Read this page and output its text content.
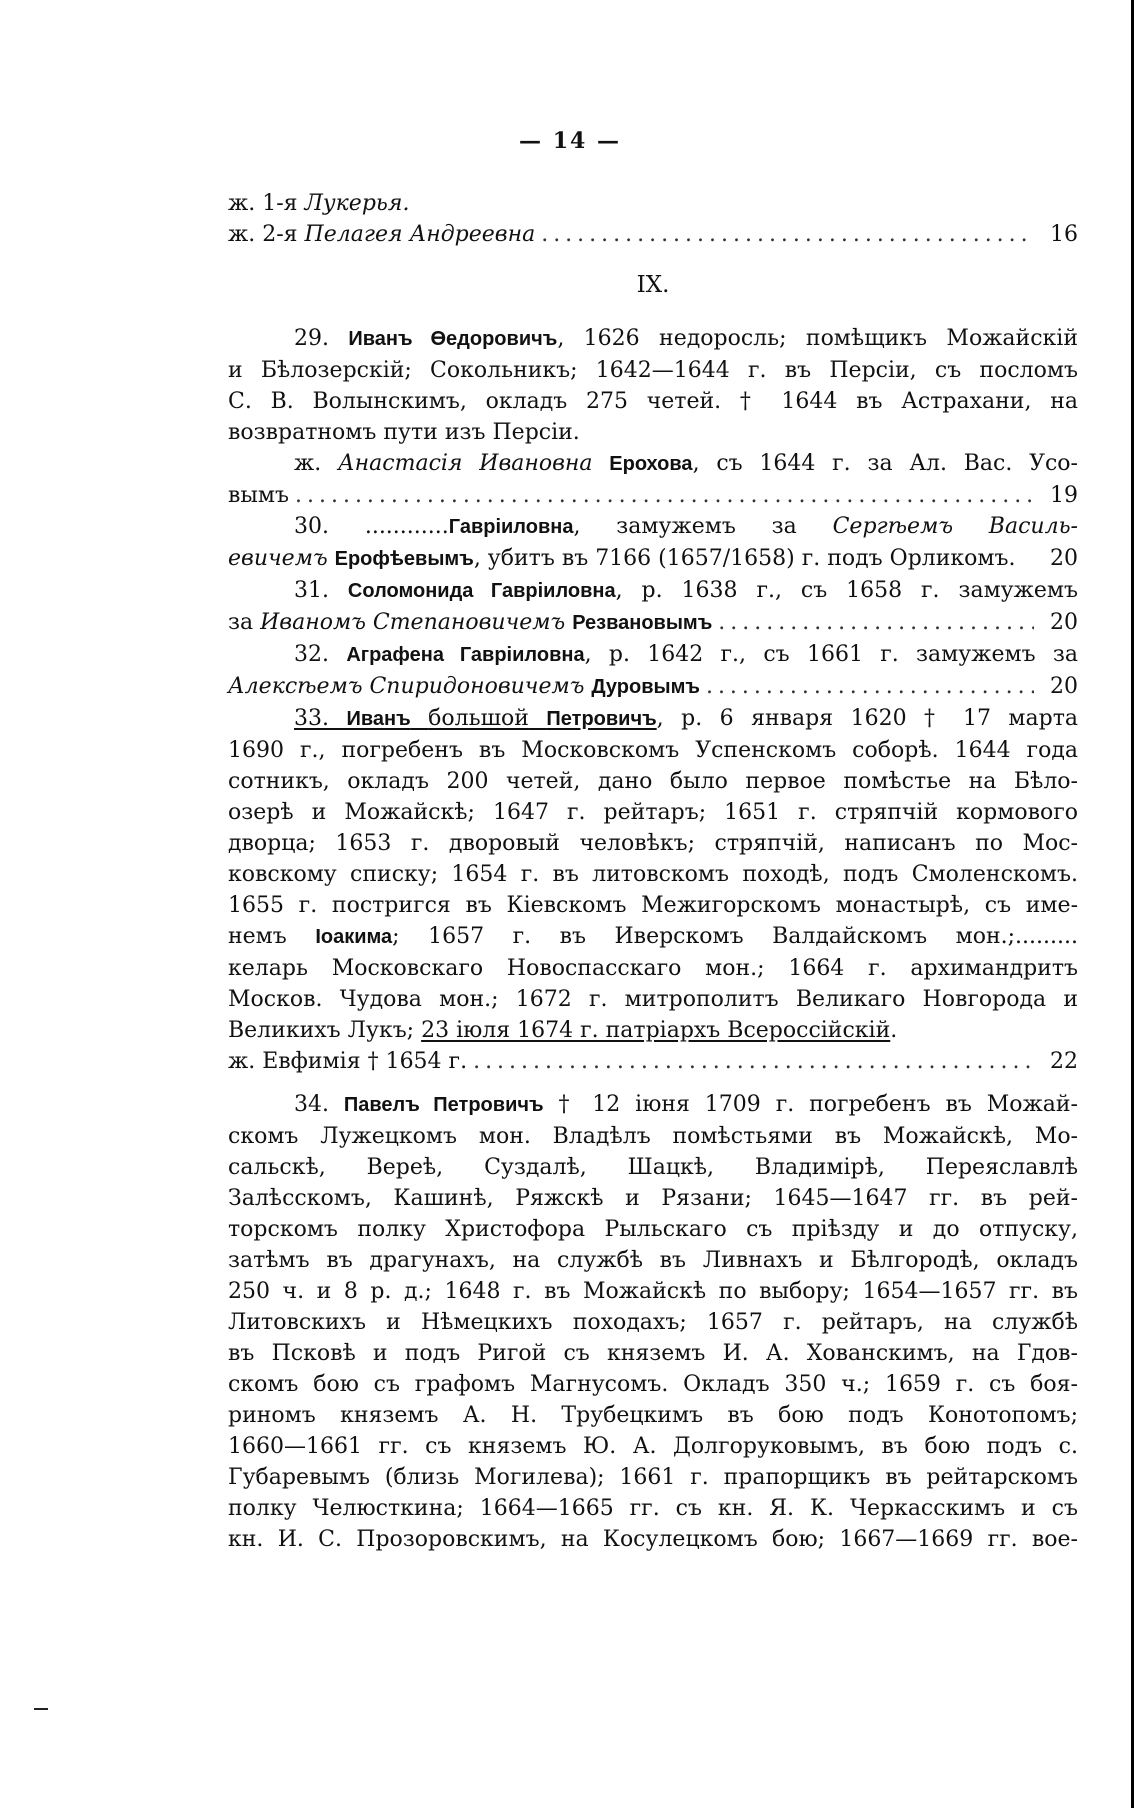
— 14 —
ж. 1-я
Лукерья.
ж. 2-я Пелагея Андреевна . . .	16
IX.
29. Иванъ Өедоровичъ, 1626 недоросль; помѣщикъ Можайскій
и Бѣлозерскій; Сокольникъ; 1642—1644 г. въ Персіи, съ посломъ
С. В. Волынскимъ, окладъ 275 четей. † 1644 въ Астрахани, на
возвратномъ пути изъ Персіи.
ж. Анастасія Ивановна Ерохова, съ 1644 г. за Ал. Вас. Усо-
вымъ . . .	19
30. ............Гавріиловна, замужемъ за Сергѣемъ Василь-
евичемъ Ерофѣевымъ, убитъ въ 7166 (1657/1658) г. подъ Орликомъ. 20
31. Соломонида Гавріиловна, р. 1638 г., съ 1658 г. замужемъ
за Иваномъ Степановичемъ Резвановымъ . . .	20
32. Аграфена Гавріиловна, р. 1642 г., съ 1661 г. замужемъ за
Алексѣемъ Спиридоновичемъ Дуровымъ . . .	20
33. Иванъ большой Петровичъ, р. 6 января 1620 † 17 марта
1690 г., погребенъ въ Московскомъ Успенскомъ соборѣ. 1644 года
сотникъ, окладъ 200 четей, дано было первое помѣстье на Бѣло-
озерѣ и Можайскѣ; 1647 г. рейтаръ; 1651 г. стряпчій кормового
дворца; 1653 г. дворовый человѣкъ; стряпчій, написанъ по Мос-
ковскому списку; 1654 г. въ литовскомъ походѣ, подъ Смоленскомъ.
1655 г. постригся въ Кіевскомъ Межигорскомъ монастырѣ, съ име-
немъ Іоакима; 1657 г. въ Иверскомъ Валдайскомъ мон.;.........
келарь Московскаго Новоспасскаго мон.; 1664 г. архимандритъ
Москов. Чудова мон.; 1672 г. митрополитъ Великаго Новгорода и
Великихъ Лукъ;
23 іюля 1674 г. патріархъ Всероссійскій .
ж. Евфимія † 1654 г. . . .	22
34. Павелъ Петровичъ † 12 іюня 1709 г. погребенъ въ Можай-
скомъ Лужецкомъ мон. Владѣлъ помѣстьями въ Можайскѣ, Мо-
сальскѣ, Вереѣ, Суздалѣ, Шацкѣ, Владимірѣ, Переяславлѣ
Залѣсскомъ, Кашинѣ, Ряжскѣ и Рязани; 1645—1647 гг. въ рей-
торскомъ полку Христофора Рыльскаго съ пріѣзду и до отпуску,
затѣмъ въ драгунахъ, на службѣ въ Ливнахъ и Бѣлгородѣ, окладъ
250 ч. и 8 р. д.; 1648 г. въ Можайскѣ по выбору; 1654—1657 гг. въ
Литовскихъ и Нѣмецкихъ походахъ; 1657 г. рейтаръ, на службѣ
въ Псковѣ и подъ Ригой съ княземъ И. А. Хованскимъ, на Гдов-
скомъ бою съ графомъ Магнусомъ. Окладъ 350 ч.; 1659 г. съ боя-
риномъ княземъ А. Н. Трубецкимъ въ бою подъ Конотопомъ;
1660—1661 гг. съ княземъ Ю. А. Долгоруковымъ, въ бою подъ с.
Губаревымъ (близь Могилева); 1661 г. прапорщикъ въ рейтарскомъ
полку Челюсткина; 1664—1665 гг. съ кн. Я. К. Черкасскимъ и съ
кн. И. С. Прозоровскимъ, на Косулецкомъ бою; 1667—1669 гг. вое-
